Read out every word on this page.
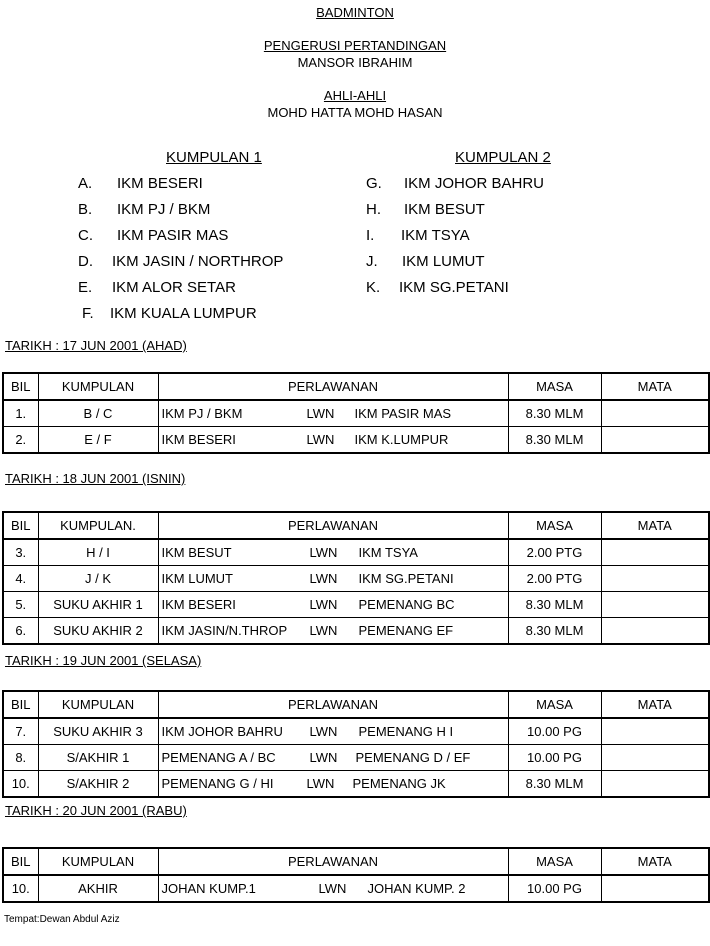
BADMINTON
PENGERUSI PERTANDINGAN
MANSOR IBRAHIM
AHLI-AHLI
MOHD HATTA MOHD HASAN
KUMPULAN 1	KUMPULAN 2
A. IKM BESERI
B. IKM PJ / BKM
C. IKM PASIR MAS
D. IKM JASIN / NORTHROP
E. IKM ALOR SETAR
F. IKM KUALA LUMPUR
G. IKM JOHOR BAHRU
H. IKM BESUT
I. IKM TSYA
J. IKM LUMUT
K. IKM SG.PETANI
TARIKH : 17 JUN 2001 (AHAD)
BIL	KUMPULAN	PERLAWANAN	MASA	MATA
1.	B / C	IKM PJ / BKM LWN IKM PASIR MAS	8.30 MLM	
2.	E / F	IKM BESERI LWN IKM K.LUMPUR	8.30 MLM	
TARIKH : 18 JUN 2001 (ISNIN)
BIL	KUMPULAN.	PERLAWANAN	MASA	MATA
3.	H / I	IKM BESUT LWN IKM TSYA	2.00 PTG	
4.	J / K	IKM LUMUT LWN IKM SG.PETANI	2.00 PTG	
5.	SUKU AKHIR 1	IKM BESERI LWN PEMENANG BC	8.30 MLM	
6.	SUKU AKHIR 2	IKM JASIN/N.THROP LWN PEMENANG EF	8.30 MLM	
TARIKH : 19 JUN 2001 (SELASA)
BIL	KUMPULAN	PERLAWANAN	MASA	MATA
7.	SUKU AKHIR 3	IKM JOHOR BAHRU LWN PEMENANG H I	10.00 PG	
8.	S/AKHIR 1	PEMENANG A / BC LWN PEMENANG D / EF	10.00 PG	
10.	S/AKHIR 2	PEMENANG G / HI LWN PEMENANG JK	8.30 MLM	
TARIKH : 20 JUN 2001 (RABU)
BIL	KUMPULAN	PERLAWANAN	MASA	MATA
10.	AKHIR	JOHAN KUMP.1 LWN JOHAN KUMP. 2	10.00 PG	
Tempat:Dewan Abdul Aziz
